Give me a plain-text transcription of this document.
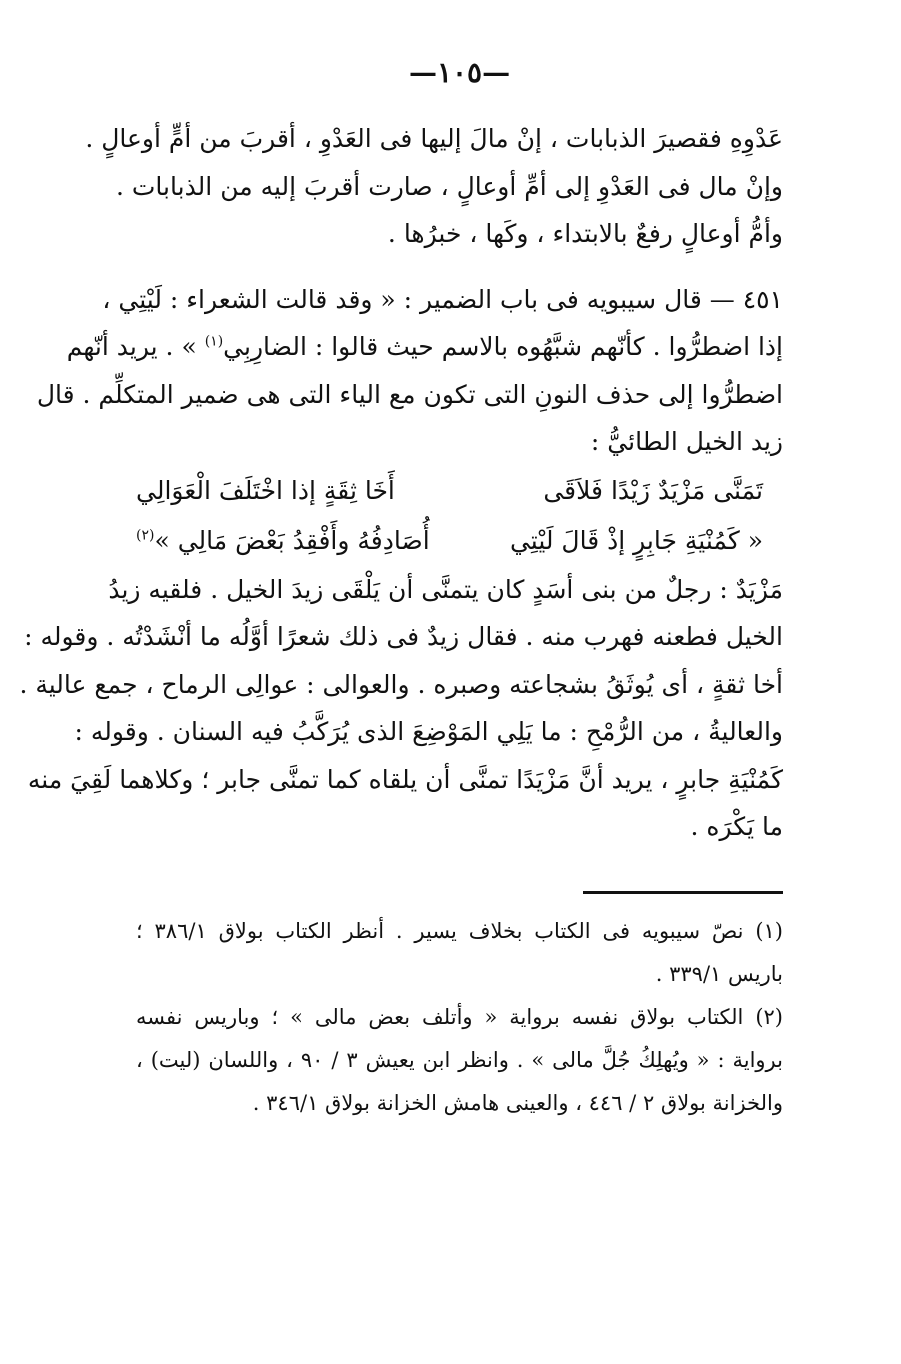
—١٠٥—
عَدْوِهِ فقصيرَ الذبابات ، إنْ مالَ إليها فى العَدْوِ ، أقربَ من أمٍّ أوعالٍ .
وإنْ مال فى العَدْوِ إلى أمِّ أوعالٍ ، صارت أقربَ إليه من الذبابات .
وأمُّ أوعالٍ رفعٌ بالابتداء ، وكَها ، خبرُها .
٤٥١ — قال سيبويه فى باب الضمير : « وقد قالت الشعراء : لَيْتِي ،
إذا اضطرُّوا . كأنّهم شبَّهُوه بالاسم حيث قالوا : الضارِبِي$^{(١)}$ » . يريد أنّهم
اضطرُّوا إلى حذف النونِ التى تكون مع الياء التى هى ضمير المتكلِّم . قال
زيد الخيل الطائيُّ :
تَمَنَّى مَزْيَدٌ زَيْدًا فَلاَقَى
أَخَا ثِقَةٍ إذا اخْتَلَفَ الْعَوَالِي
« كَمُنْيَةِ جَابِرٍ إذْ قَالَ لَيْتِي
أُصَادِفُهُ وأَفْقِدُ بَعْضَ مَالِي »$^{(٢)}$
مَزْيَدٌ : رجلٌ من بنى أسَدٍ كان يتمنَّى أن يَلْقَى زيدَ الخيل . فلقيه زيدُ
الخيل فطعنه فهرب منه . فقال زيدٌ فى ذلك شعرًا أوَّلُه ما أنْشَدْتُه . وقوله :
أخا ثقةٍ ، أى يُوثَقُ بشجاعته وصبره . والعوالى : عوالِى الرماح ، جمع عالية .
والعاليةُ ، من الرُّمْحِ : ما يَلِي المَوْضِعَ الذى يُرَكَّبُ فيه السنان . وقوله :
كَمُنْيَةِ جابرٍ ، يريد أنَّ مَزْيَدًا تمنَّى أن يلقاه كما تمنَّى جابر ؛ وكلاهما لَقِيَ منه
ما يَكْرَه .
(١) نصّ سيبويه فى الكتاب بخلاف يسير . أنظر الكتاب بولاق ٣٨٦/١ ؛
باريس ٣٣٩/١ .
(٢) الكتاب بولاق نفسه برواية « وأتلف بعض مالى » ؛ وباريس نفسه
برواية : « ويُهلِكُ جُلَّ مالى » . وانظر ابن يعيش ٣ / ٩٠ ، واللسان (ليت) ،
والخزانة بولاق ٢ / ٤٤٦ ، والعينى هامش الخزانة بولاق ٣٤٦/١ .
